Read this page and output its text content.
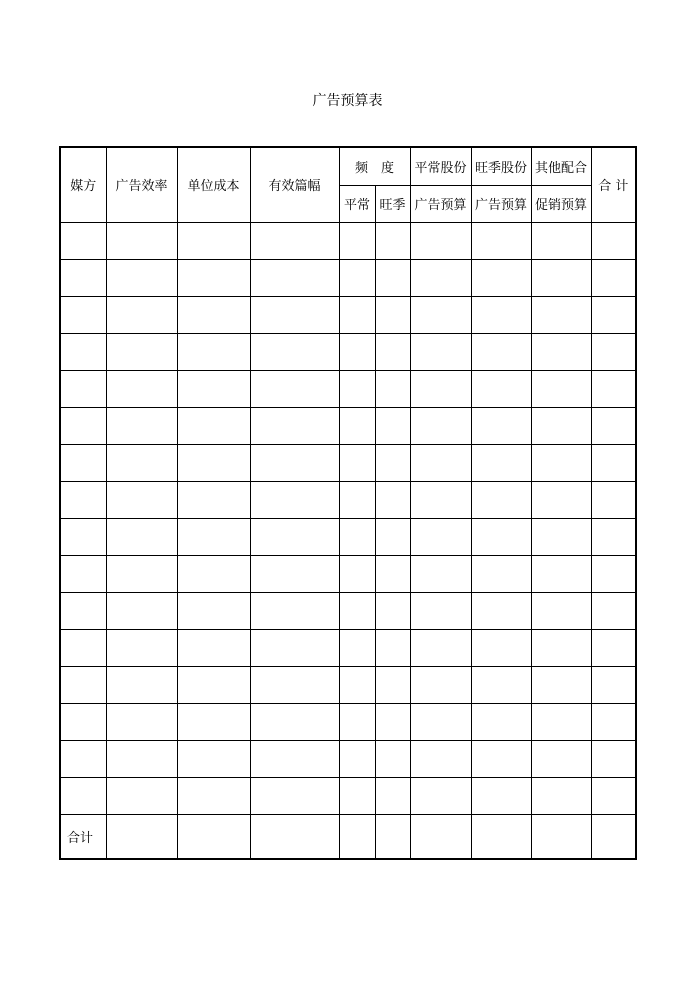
广告预算表
媒方	广告效率	单位成本	有效篇幅	频　度		平常股份	旺季股份	其他配合	合 计
				平常	旺季	广告预算	广告预算	促销预算	

合计									
